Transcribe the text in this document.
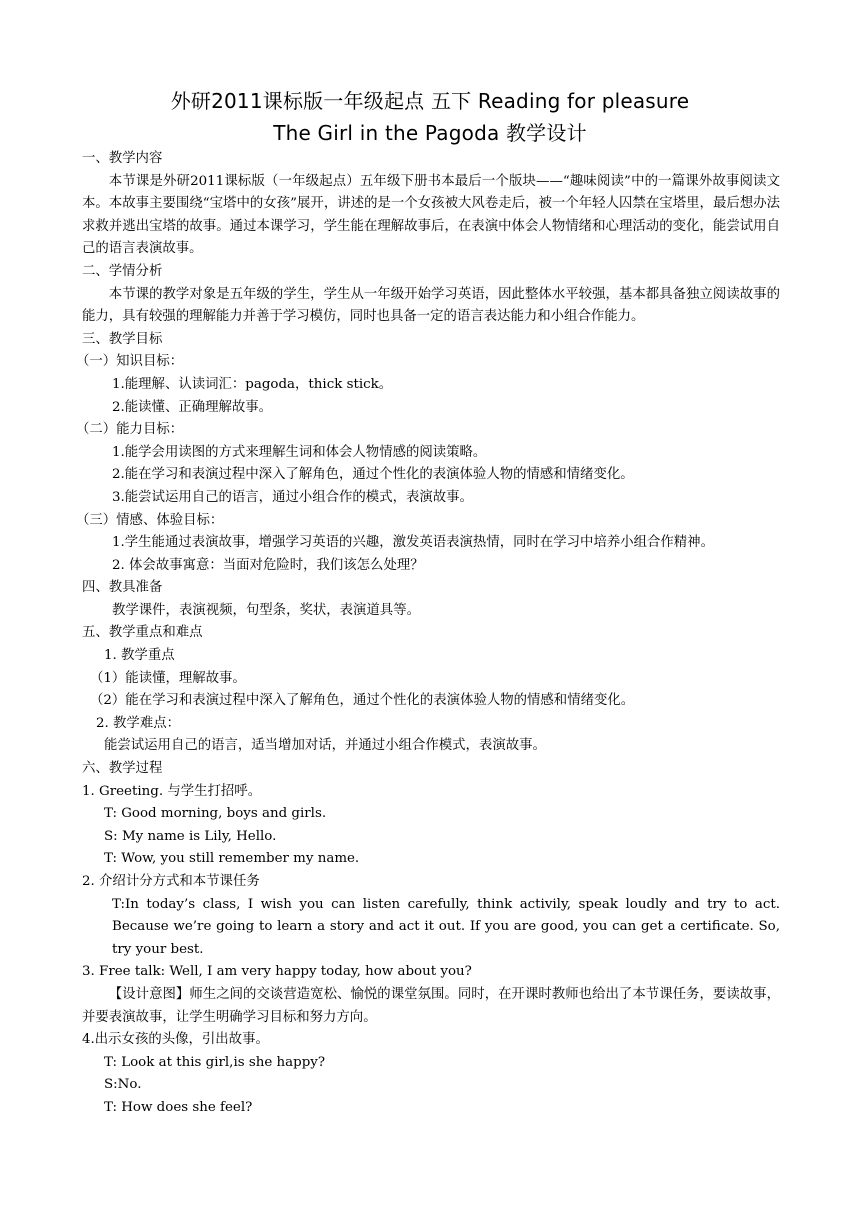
外研2011课标版一年级起点 五下 Reading for pleasure
The Girl in the Pagoda 教学设计

一、教学内容

本节课是外研2011课标版（一年级起点）五年级下册书本最后一个版块——“趣味阅读”中的一篇课外故事阅读文本。本故事主要围绕“宝塔中的女孩”展开，讲述的是一个女孩被大风卷走后，被一个年轻人囚禁在宝塔里，最后想办法求救并逃出宝塔的故事。通过本课学习，学生能在理解故事后，在表演中体会人物情绪和心理活动的变化，能尝试用自己的语言表演故事。

二、学情分析

本节课的教学对象是五年级的学生，学生从一年级开始学习英语，因此整体水平较强，基本都具备独立阅读故事的能力，具有较强的理解能力并善于学习模仿，同时也具备一定的语言表达能力和小组合作能力。

三、教学目标

（一）知识目标：

1.能理解、认读词汇：pagoda，thick stick。

2.能读懂、正确理解故事。

（二）能力目标：

1.能学会用读图的方式来理解生词和体会人物情感的阅读策略。

2.能在学习和表演过程中深入了解角色，通过个性化的表演体验人物的情感和情绪变化。

3.能尝试运用自己的语言，通过小组合作的模式，表演故事。

（三）情感、体验目标：

1.学生能通过表演故事，增强学习英语的兴趣，激发英语表演热情，同时在学习中培养小组合作精神。

2. 体会故事寓意：当面对危险时，我们该怎么处理？

四、教具准备

教学课件，表演视频，句型条，奖状，表演道具等。

五、教学重点和难点

1. 教学重点

（1）能读懂，理解故事。

（2）能在学习和表演过程中深入了解角色，通过个性化的表演体验人物的情感和情绪变化。

2. 教学难点：

能尝试运用自己的语言，适当增加对话，并通过小组合作模式，表演故事。

六、教学过程

1. Greeting. 与学生打招呼。

T: Good morning, boys and girls.

S: My name is Lily, Hello.

T: Wow, you still remember my name.

2. 介绍计分方式和本节课任务

T:In today’s class, I wish you can listen carefully, think activily, speak loudly and try to act. Because we’re going to learn a story and act it out. If you are good, you can get a certificate. So, try your best.

3. Free talk: Well, I am very happy today, how about you?

【设计意图】师生之间的交谈营造宽松、愉悦的课堂氛围。同时，在开课时教师也给出了本节课任务，要读故事，并要表演故事，让学生明确学习目标和努力方向。

4.出示女孩的头像，引出故事。

T: Look at this girl,is she happy?

S:No.

T: How does she feel?
